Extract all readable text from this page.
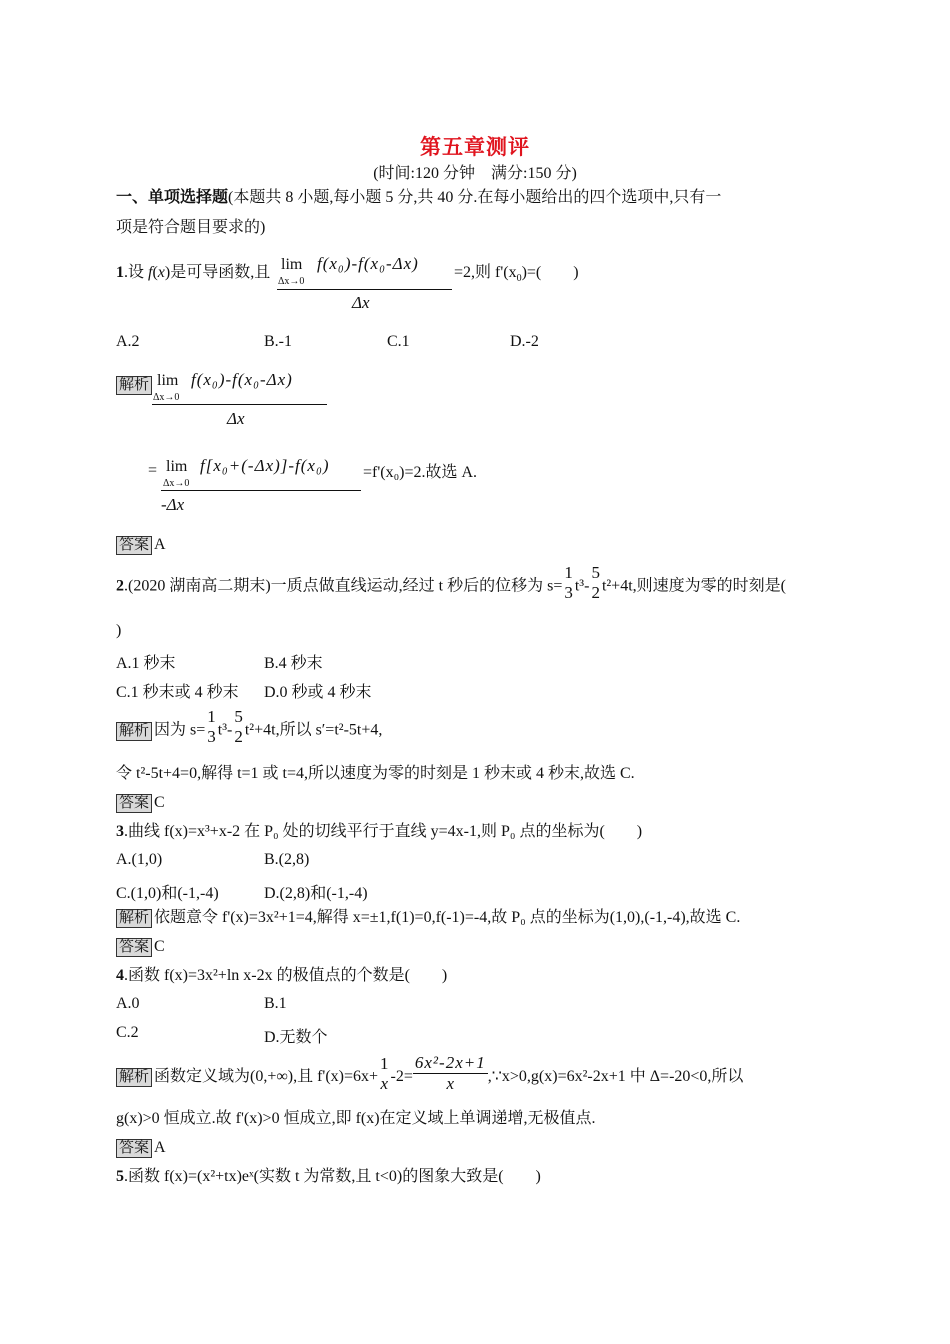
第五章测评
(时间:120 分钟　满分:150 分)
一、单项选择题(本题共 8 小题,每小题 5 分,共 40 分.在每小题给出的四个选项中,只有一
项是符合题目要求的)
1.设 f(x)是可导函数,且 lim
Δx→0
f(x₀)-f(x₀-Δx)
Δx
=2,则 $f'(x_0)=$(　　)
A.2	B.-1	C.1	D.-2
解析 lim
Δx→0
f(x₀)-f(x₀-Δx)
Δx
= lim
Δx→0
f[x₀+(-Δx)]-f(x₀)
-Δx
=f'(x₀)=2.故选 A.
答案 A
2.(2020 湖南高二期末)一质点做直线运动,经过 t 秒后的位移为 s=
1
3 t³-
5
2 t²+4t,则速度为零的时刻是(
)
A.1 秒末	B.4 秒末
C.1 秒末或 4 秒末 D.0 秒或 4 秒末
解析 因为 s=
1
3 t³-
5
2 t²+4t,所以 s′=t²-5t+4,
令 t²-5t+4=0,解得 t=1 或 t=4,所以速度为零的时刻是 1 秒末或 4 秒末,故选 C.
答案 C
3.曲线 f(x)=x³+x-2 在 P₀ 处的切线平行于直线 y=4x-1,则 P₀ 点的坐标为(　　)
A.(1,0)	B.(2,8)
C.(1,0)和(-1,-4)	D.(2,8)和(-1,-4)
解析 依题意令 f'(x)=3x²+1=4,解得 x=±1,f(1)=0,f(-1)=-4,故 P₀ 点的坐标为(1,0),(-1,-4),故选 C.
答案 C
4.函数 f(x)=3x²+ln x-2x 的极值点的个数是(　　)
A.0	B.1
C.2	D.无数个
解析 函数定义域为(0,+∞),且 f'(x)=6x+
1
x $-2= \frac{\text{6x²-2x+1}}{x}$ ,∵x>0,g(x)=6x²-2x+1 中 Δ=-20<0,所以
g(x)>0 恒成立.故 f'(x)>0 恒成立,即 f(x)在定义域上单调递增,无极值点.
答案 A
5.函数 f(x)=(x²+tx)eˣ(实数 t 为常数,且 t<0)的图象大致是(　　)
